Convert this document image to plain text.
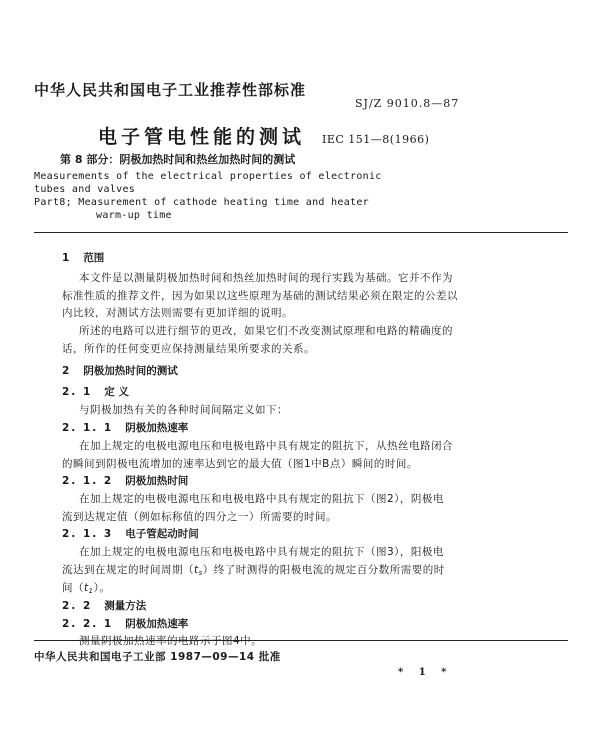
中华人民共和国电子工业推荐性部标准
SJ/Z 9010.8—87
电子管电性能的测试 IEC 151—8(1966)
第 8 部分：阴极加热时间和热丝加热时间的测试
Measurements of the electrical properties of electronic
tubes and valves
Part8; Measurement of cathode heating time and heater
warm-up time
1 范围
本文件是以测量阴极加热时间和热丝加热时间的现行实践为基础。它并不作为
标准性质的推荐文件，因为如果以这些原理为基础的测试结果必须在限定的公差以
内比较，对测试方法则需要有更加详细的说明。
所述的电路可以进行细节的更改，如果它们不改变测试原理和电路的精确度的
话，所作的任何变更应保持测量结果所要求的关系。
2 阴极加热时间的测试
2. 1 定 义
与阴极加热有关的各种时间间隔定义如下：
2. 1. 1 阴极加热速率
在加上规定的电极电源电压和电极电路中具有规定的阻抗下，从热丝电路闭合
的瞬间到阴极电流增加的速率达到它的最大值（图1中B点）瞬间的时间。
2. 1. 2 阴极加热时间
在加上规定的电极电源电压和电极电路中具有规定的阻抗下（图2），阴极电
流到达规定值（例如标称值的四分之一）所需要的时间。
2. 1. 3 电子管起动时间
在加上规定的电极电源电压和电极电路中具有规定的阻抗下（图3），阳极电
流达到在规定的时间周期$(t_s)$终了时测得的阳极电流的规定百分数所需要的时
间$(t_1)$。
2. 2 测量方法
2. 2. 1 阴极加热速率
测量阴极加热速率的电路示于图4中。
中华人民共和国电子工业部 1987—09—14 批准
* 1 *
